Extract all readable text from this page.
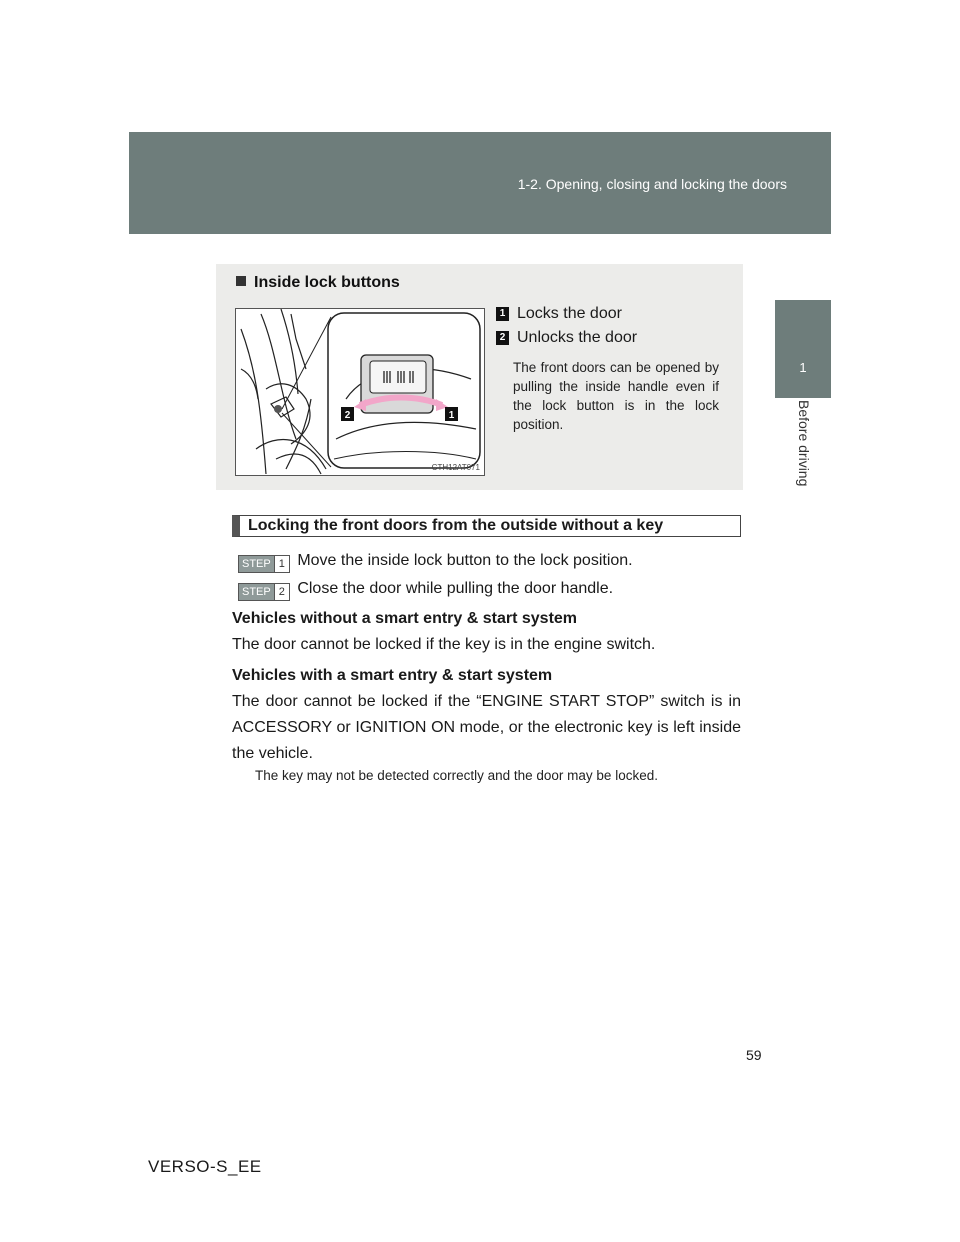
1-2. Opening, closing and locking the doors
1
Before driving
Inside lock buttons
2	1
CTH12AT071
1 Locks the door
2 Unlocks the door
The front doors can be opened by pulling the inside handle even if the lock button is in the lock position.
Locking the front doors from the outside without a key
STEP 1 Move the inside lock button to the lock position.
STEP 2 Close the door while pulling the door handle.
Vehicles without a smart entry & start system
The door cannot be locked if the key is in the engine switch.
Vehicles with a smart entry & start system
The door cannot be locked if the “ENGINE START STOP” switch is in ACCESSORY or IGNITION ON mode, or the electronic key is left inside the vehicle.
The key may not be detected correctly and the door may be locked.
59
VERSO-S_EE
